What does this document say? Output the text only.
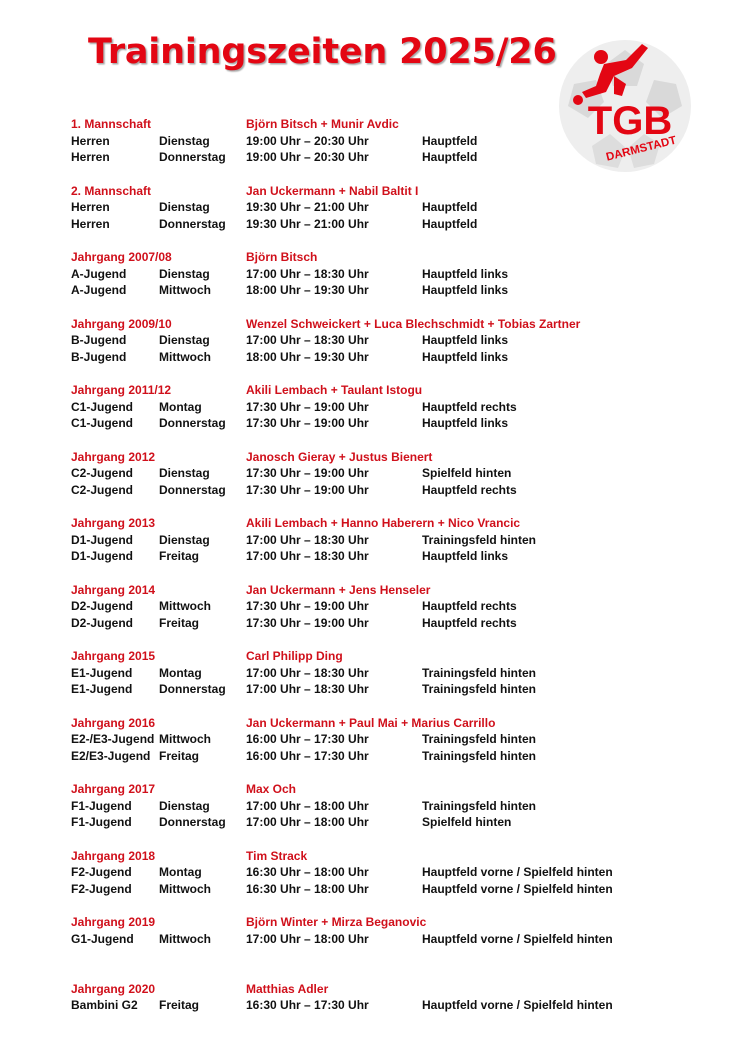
Trainingszeiten 2025/26
TGB
DARMSTADT
1. Mannschaft	Björn Bitsch + Munir Avdic
Herren	Dienstag	19:00 Uhr – 20:30 Uhr	Hauptfeld
Herren	Donnerstag 19:00 Uhr – 20:30 Uhr	Hauptfeld
2. Mannschaft	Jan Uckermann + Nabil Baltit I
Herren	Dienstag	19:30 Uhr – 21:00 Uhr	Hauptfeld
Herren	Donnerstag 19:30 Uhr – 21:00 Uhr	Hauptfeld
Jahrgang 2007/08	Björn Bitsch
A-Jugend	Dienstag	17:00 Uhr – 18:30 Uhr	Hauptfeld links
A-Jugend	Mittwoch	18:00 Uhr – 19:30 Uhr	Hauptfeld links
Jahrgang 2009/10	Wenzel Schweickert + Luca Blechschmidt + Tobias Zartner
B-Jugend	Dienstag	17:00 Uhr – 18:30 Uhr	Hauptfeld links
B-Jugend	Mittwoch	18:00 Uhr – 19:30 Uhr	Hauptfeld links
Jahrgang 2011/12	Akili Lembach + Taulant Istogu
C1-Jugend Montag	17:30 Uhr – 19:00 Uhr	Hauptfeld rechts
C1-Jugend Donnerstag 17:30 Uhr – 19:00 Uhr	Hauptfeld links
Jahrgang 2012	Janosch Gieray + Justus Bienert
C2-Jugend Dienstag	17:30 Uhr – 19:00 Uhr	Spielfeld hinten
C2-Jugend Donnerstag 17:30 Uhr – 19:00 Uhr	Hauptfeld rechts
Jahrgang 2013	Akili Lembach + Hanno Haberern + Nico Vrancic
D1-Jugend Dienstag	17:00 Uhr – 18:30 Uhr	Trainingsfeld hinten
D1-Jugend Freitag	17:00 Uhr – 18:30 Uhr	Hauptfeld links
Jahrgang 2014	Jan Uckermann + Jens Henseler
D2-Jugend Mittwoch	17:30 Uhr – 19:00 Uhr	Hauptfeld rechts
D2-Jugend Freitag	17:30 Uhr – 19:00 Uhr	Hauptfeld rechts
Jahrgang 2015	Carl Philipp Ding
E1-Jugend Montag	17:00 Uhr – 18:30 Uhr	Trainingsfeld hinten
E1-Jugend Donnerstag 17:00 Uhr – 18:30 Uhr	Trainingsfeld hinten
Jahrgang 2016	Jan Uckermann + Paul Mai + Marius Carrillo
E2-/E3-Jugend Mittwoch	16:00 Uhr – 17:30 Uhr	Trainingsfeld hinten
E2/E3-Jugend Freitag	16:00 Uhr – 17:30 Uhr	Trainingsfeld hinten
Jahrgang 2017	Max Och
F1-Jugend Dienstag	17:00 Uhr – 18:00 Uhr	Trainingsfeld hinten
F1-Jugend Donnerstag 17:00 Uhr – 18:00 Uhr	Spielfeld hinten
Jahrgang 2018	Tim Strack
F2-Jugend Montag	16:30 Uhr – 18:00 Uhr	Hauptfeld vorne / Spielfeld hinten
F2-Jugend Mittwoch	16:30 Uhr – 18:00 Uhr	Hauptfeld vorne / Spielfeld hinten
Jahrgang 2019	Björn Winter + Mirza Beganovic
G1-Jugend Mittwoch	17:00 Uhr – 18:00 Uhr	Hauptfeld vorne / Spielfeld hinten
Jahrgang 2020	Matthias Adler
Bambini G2 Freitag	16:30 Uhr – 17:30 Uhr	Hauptfeld vorne / Spielfeld hinten
